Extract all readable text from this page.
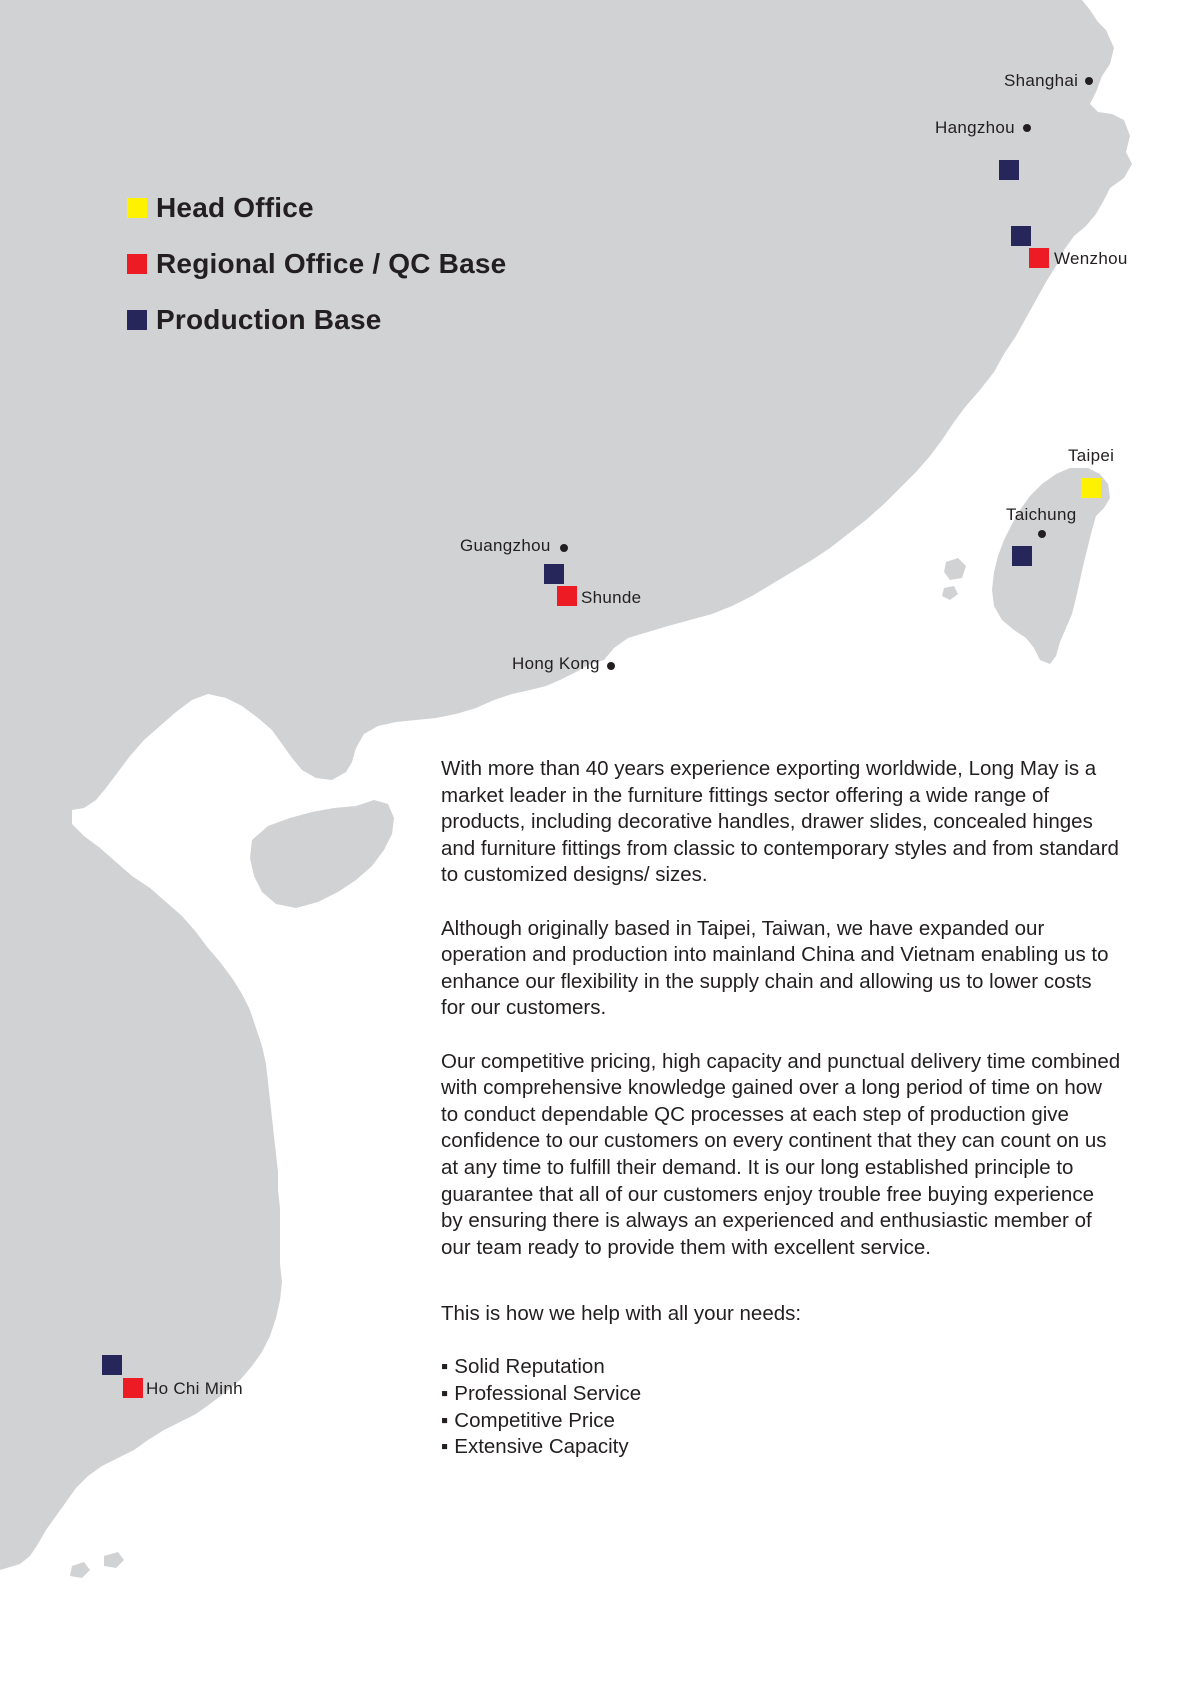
Head Office
Regional Office / QC Base
Production Base
Shanghai
Hangzhou
Wenzhou
Taipei
Taichung
Guangzhou
Shunde
Hong Kong
Ho Chi Minh

With more than 40 years experience exporting worldwide, Long May is a market leader in the furniture fittings sector offering a wide range of products, including decorative handles, drawer slides, concealed hinges and furniture fittings from classic to contemporary styles and from standard to customized designs/ sizes.

Although originally based in Taipei, Taiwan, we have expanded our operation and production into mainland China and Vietnam enabling us to enhance our flexibility in the supply chain and allowing us to lower costs for our customers.

Our competitive pricing, high capacity and punctual delivery time combined with comprehensive knowledge gained over a long period of time on how to conduct dependable QC processes at each step of production give confidence to our customers on every continent that they can count on us at any time to fulfill their demand. It is our long established principle to guarantee that all of our customers enjoy trouble free buying experience by ensuring there is always an experienced and enthusiastic member of our team ready to provide them with excellent service.

This is how we help with all your needs:

▪ Solid Reputation
▪ Professional Service
▪ Competitive Price
▪ Extensive Capacity
